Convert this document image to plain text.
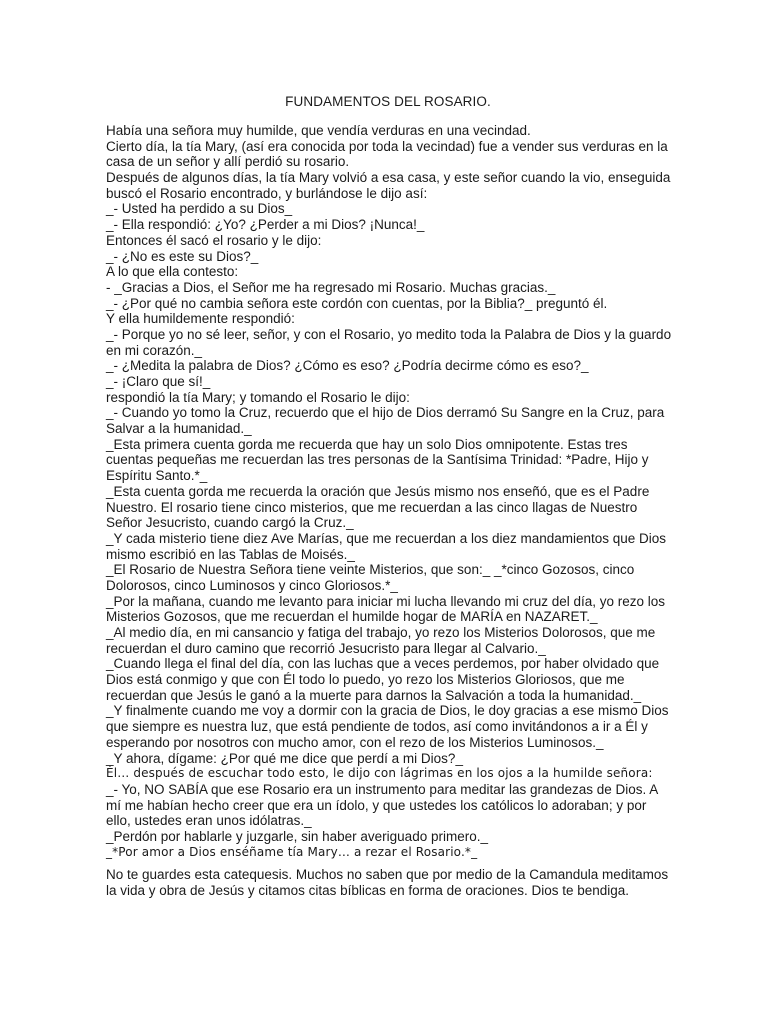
FUNDAMENTOS DEL ROSARIO.
Había una señora muy humilde, que vendía verduras en una vecindad.
Cierto día, la tía Mary, (así era conocida por toda la vecindad) fue a vender sus verduras en la
casa de un señor y allí perdió su rosario.
Después de algunos días, la tía Mary volvió a esa casa, y este señor cuando la vio, enseguida
buscó el Rosario encontrado, y burlándose le dijo así:
_- Usted ha perdido a su Dios_
_- Ella respondió: ¿Yo? ¿Perder a mi Dios? ¡Nunca!_
Entonces él sacó el rosario y le dijo:
_- ¿No es este su Dios?_
A lo que ella contesto:
- _Gracias a Dios, el Señor me ha regresado mi Rosario. Muchas gracias._
_- ¿Por qué no cambia señora este cordón con cuentas, por la Biblia?_ preguntó él.
Y ella humildemente respondió:
_- Porque yo no sé leer, señor, y con el Rosario, yo medito toda la Palabra de Dios y la guardo
en mi corazón._
_- ¿Medita la palabra de Dios? ¿Cómo es eso? ¿Podría decirme cómo es eso?_
_- ¡Claro que sí!_
respondió la tía Mary; y tomando el Rosario le dijo:
_- Cuando yo tomo la Cruz, recuerdo que el hijo de Dios derramó Su Sangre en la Cruz, para
Salvar a la humanidad._
_Esta primera cuenta gorda me recuerda que hay un solo Dios omnipotente. Estas tres
cuentas pequeñas me recuerdan las tres personas de la Santísima Trinidad: *Padre, Hijo y
Espíritu Santo.*_
_Esta cuenta gorda me recuerda la oración que Jesús mismo nos enseñó, que es el Padre
Nuestro. El rosario tiene cinco misterios, que me recuerdan a las cinco llagas de Nuestro
Señor Jesucristo, cuando cargó la Cruz._
_Y cada misterio tiene diez Ave Marías, que me recuerdan a los diez mandamientos que Dios
mismo escribió en las Tablas de Moisés._
_El Rosario de Nuestra Señora tiene veinte Misterios, que son:_ _*cinco Gozosos, cinco
Dolorosos, cinco Luminosos y cinco Gloriosos.*_
_Por la mañana, cuando me levanto para iniciar mi lucha llevando mi cruz del día, yo rezo los
Misterios Gozosos, que me recuerdan el humilde hogar de MARÍA en NAZARET._
_Al medio día, en mi cansancio y fatiga del trabajo, yo rezo los Misterios Dolorosos, que me
recuerdan el duro camino que recorrió Jesucristo para llegar al Calvario._
_Cuando llega el final del día, con las luchas que a veces perdemos, por haber olvidado que
Dios está conmigo y que con Él todo lo puedo, yo rezo los Misterios Gloriosos, que me
recuerdan que Jesús le ganó a la muerte para darnos la Salvación a toda la humanidad._
_Y finalmente cuando me voy a dormir con la gracia de Dios, le doy gracias a ese mismo Dios
que siempre es nuestra luz, que está pendiente de todos, así como invitándonos a ir a Él y
esperando por nosotros con mucho amor, con el rezo de los Misterios Luminosos._
_Y ahora, dígame: ¿Por qué me dice que perdí a mi Dios?_
Él… después de escuchar todo esto, le dijo con lágrimas en los ojos a la humilde señora:
_- Yo, NO SABÍA que ese Rosario era un instrumento para meditar las grandezas de Dios. A
mí me habían hecho creer que era un ídolo, y que ustedes los católicos lo adoraban; y por
ello, ustedes eran unos idólatras._
_Perdón por hablarle y juzgarle, sin haber averiguado primero._
_*Por amor a Dios enséñame tía Mary… a rezar el Rosario.*_
No te guardes esta catequesis. Muchos no saben que por medio de la Camandula meditamos
la vida y obra de Jesús y citamos citas bíblicas en forma de oraciones. Dios te bendiga.
